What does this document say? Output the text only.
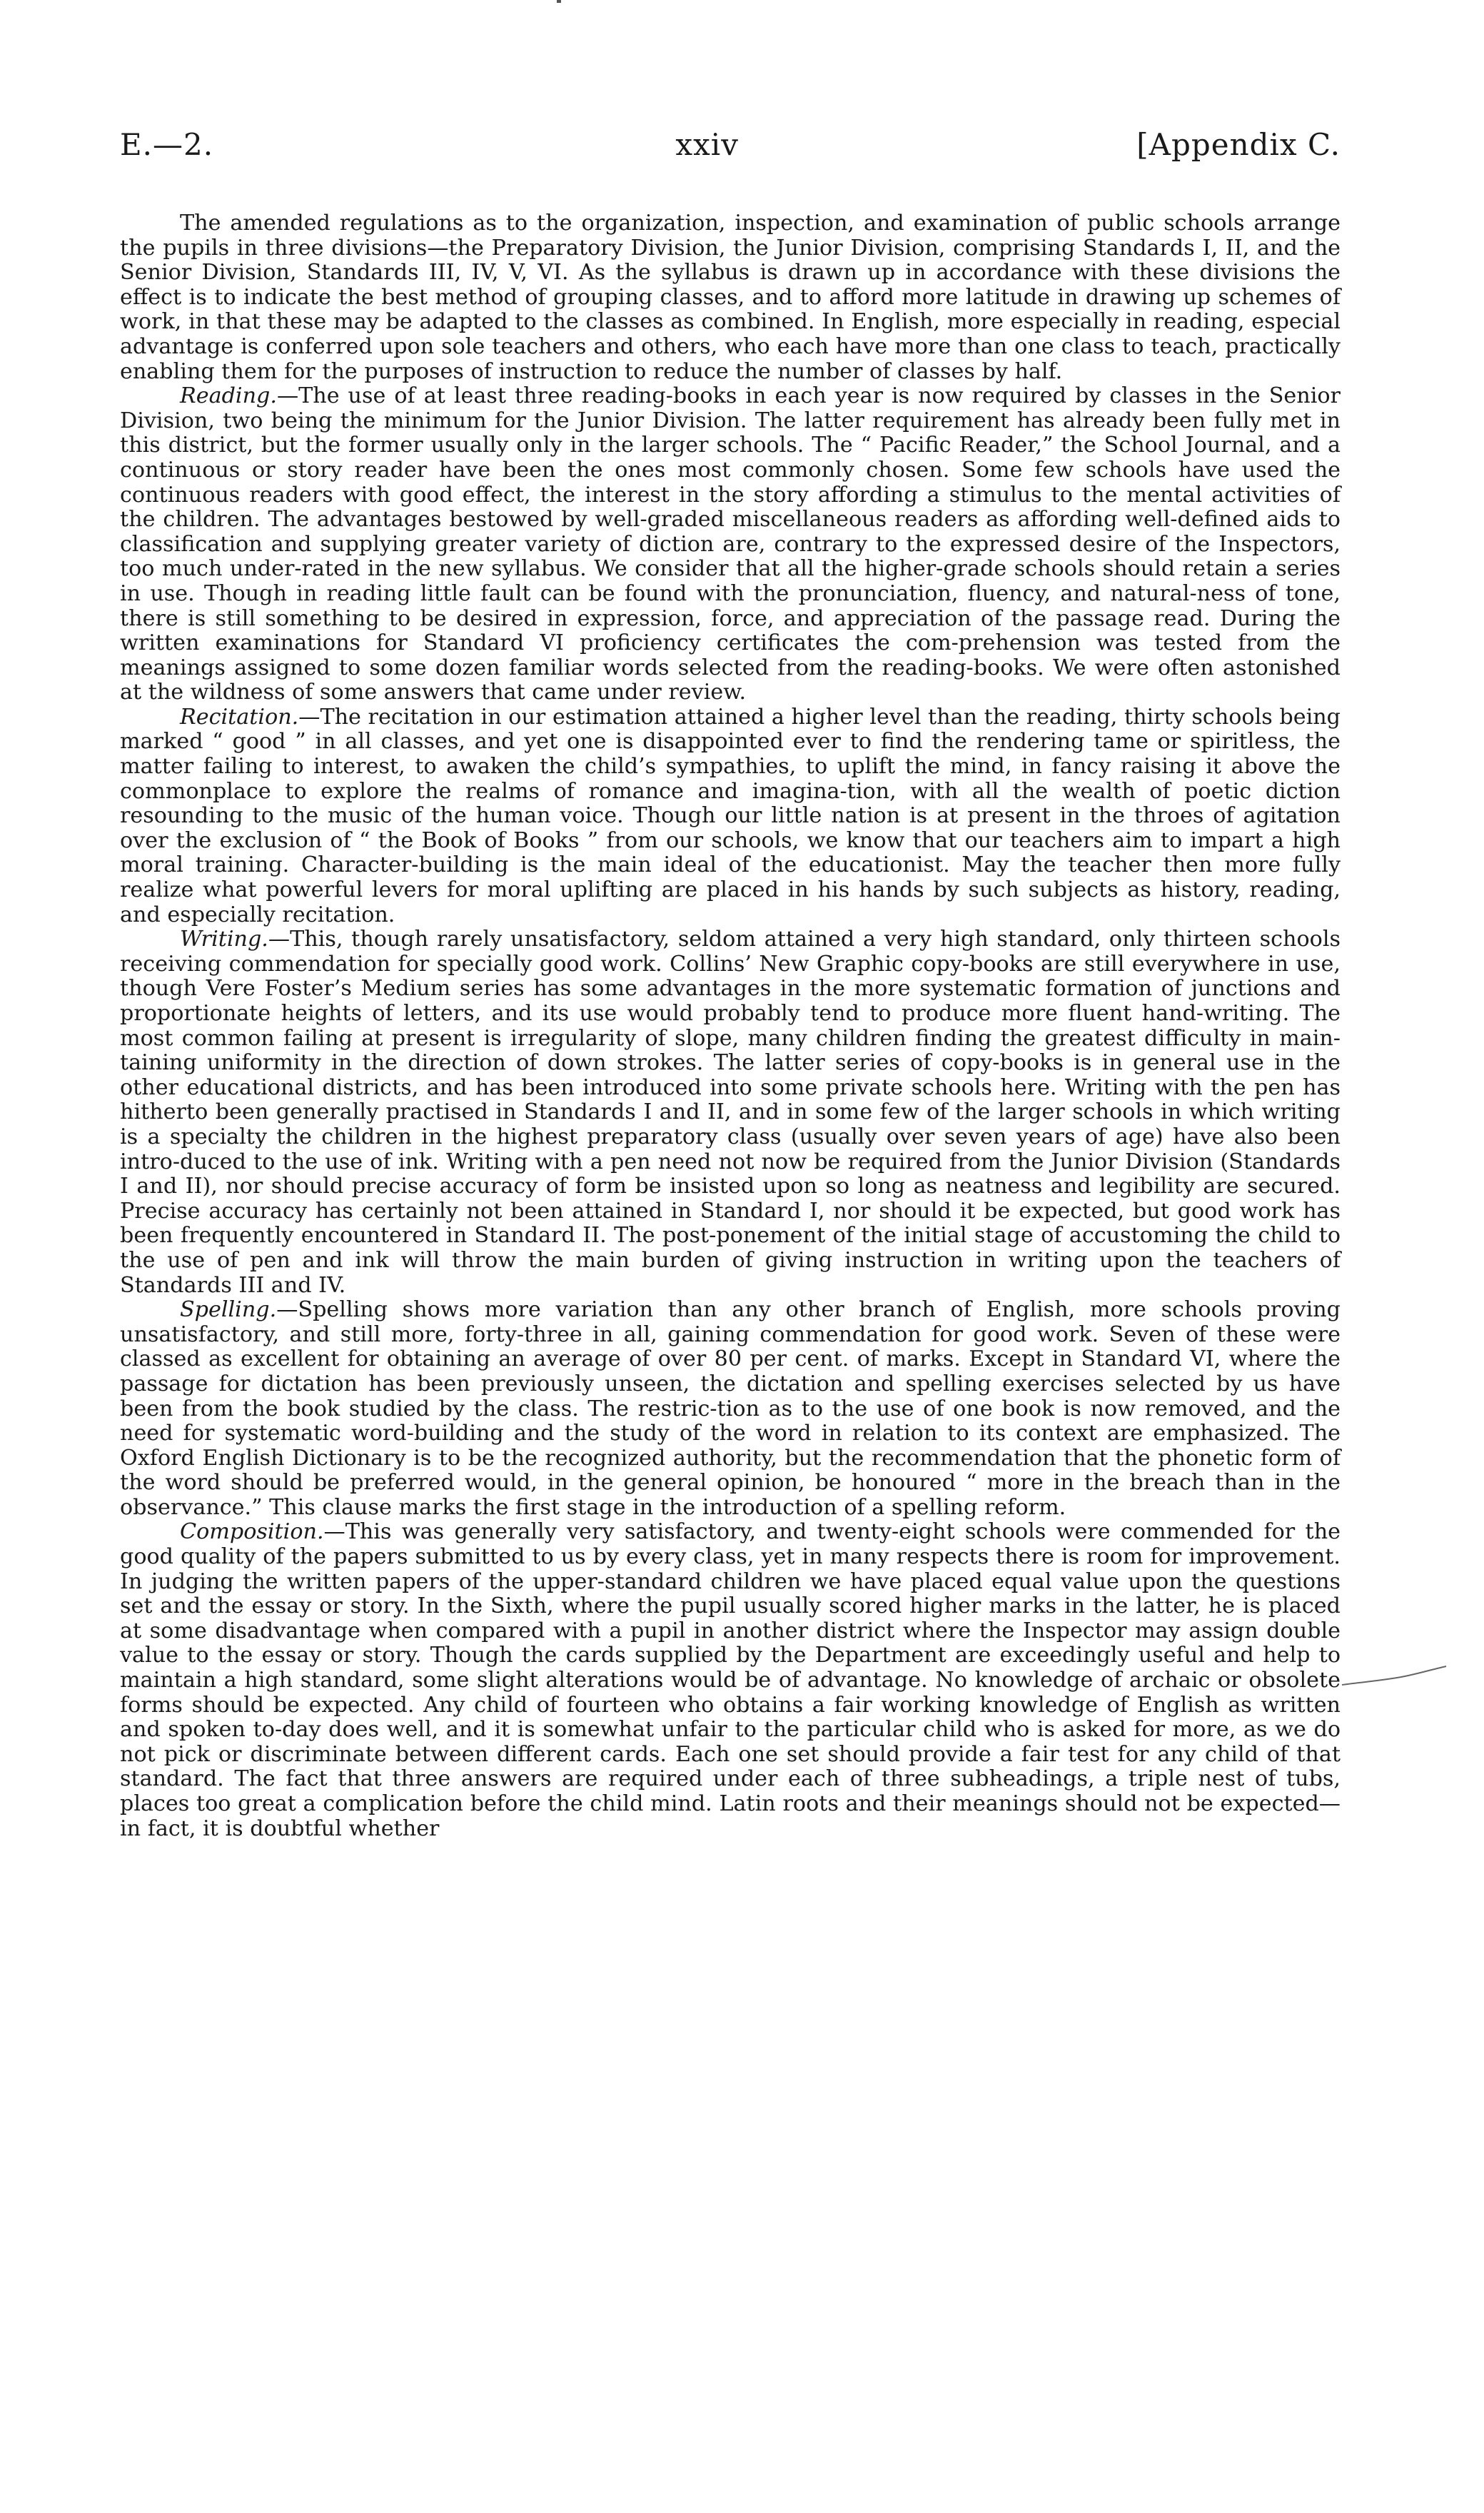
E.—2.	xxiv	[Appendix C.

The amended regulations as to the organization, inspection, and examination of public schools arrange the pupils in three divisions—the Preparatory Division, the Junior Division, comprising Standards I, II, and the Senior Division, Standards III, IV, V, VI. As the syllabus is drawn up in accordance with these divisions the effect is to indicate the best method of grouping classes, and to afford more latitude in drawing up schemes of work, in that these may be adapted to the classes as combined. In English, more especially in reading, especial advantage is conferred upon sole teachers and others, who each have more than one class to teach, practically enabling them for the purposes of instruction to reduce the number of classes by half.

Reading.—The use of at least three reading-books in each year is now required by classes in the Senior Division, two being the minimum for the Junior Division. The latter requirement has already been fully met in this district, but the former usually only in the larger schools. The “ Pacific Reader,” the School Journal, and a continuous or story reader have been the ones most commonly chosen. Some few schools have used the continuous readers with good effect, the interest in the story affording a stimulus to the mental activities of the children. The advantages bestowed by well-graded miscellaneous readers as affording well-defined aids to classification and supplying greater variety of diction are, contrary to the expressed desire of the Inspectors, too much under-rated in the new syllabus. We consider that all the higher-grade schools should retain a series in use. Though in reading little fault can be found with the pronunciation, fluency, and natural-ness of tone, there is still something to be desired in expression, force, and appreciation of the passage read. During the written examinations for Standard VI proficiency certificates the com-prehension was tested from the meanings assigned to some dozen familiar words selected from the reading-books. We were often astonished at the wildness of some answers that came under review.

Recitation.—The recitation in our estimation attained a higher level than the reading, thirty schools being marked “ good ” in all classes, and yet one is disappointed ever to find the rendering tame or spiritless, the matter failing to interest, to awaken the child’s sympathies, to uplift the mind, in fancy raising it above the commonplace to explore the realms of romance and imagina-tion, with all the wealth of poetic diction resounding to the music of the human voice. Though our little nation is at present in the throes of agitation over the exclusion of “ the Book of Books ” from our schools, we know that our teachers aim to impart a high moral training. Character-building is the main ideal of the educationist. May the teacher then more fully realize what powerful levers for moral uplifting are placed in his hands by such subjects as history, reading, and especially recitation.

Writing.—This, though rarely unsatisfactory, seldom attained a very high standard, only thirteen schools receiving commendation for specially good work. Collins’ New Graphic copy-books are still everywhere in use, though Vere Foster’s Medium series has some advantages in the more systematic formation of junctions and proportionate heights of letters, and its use would probably tend to produce more fluent hand-writing. The most common failing at present is irregularity of slope, many children finding the greatest difficulty in main-taining uniformity in the direction of down strokes. The latter series of copy-books is in general use in the other educational districts, and has been introduced into some private schools here. Writing with the pen has hitherto been generally practised in Standards I and II, and in some few of the larger schools in which writing is a specialty the children in the highest preparatory class (usually over seven years of age) have also been intro-duced to the use of ink. Writing with a pen need not now be required from the Junior Division (Standards I and II), nor should precise accuracy of form be insisted upon so long as neatness and legibility are secured. Precise accuracy has certainly not been attained in Standard I, nor should it be expected, but good work has been frequently encountered in Standard II. The post-ponement of the initial stage of accustoming the child to the use of pen and ink will throw the main burden of giving instruction in writing upon the teachers of Standards III and IV.

Spelling.—Spelling shows more variation than any other branch of English, more schools proving unsatisfactory, and still more, forty-three in all, gaining commendation for good work. Seven of these were classed as excellent for obtaining an average of over 80 per cent. of marks. Except in Standard VI, where the passage for dictation has been previously unseen, the dictation and spelling exercises selected by us have been from the book studied by the class. The restric-tion as to the use of one book is now removed, and the need for systematic word-building and the study of the word in relation to its context are emphasized. The Oxford English Dictionary is to be the recognized authority, but the recommendation that the phonetic form of the word should be preferred would, in the general opinion, be honoured “ more in the breach than in the observance.” This clause marks the first stage in the introduction of a spelling reform.

Composition.—This was generally very satisfactory, and twenty-eight schools were commended for the good quality of the papers submitted to us by every class, yet in many respects there is room for improvement. In judging the written papers of the upper-standard children we have placed equal value upon the questions set and the essay or story. In the Sixth, where the pupil usually scored higher marks in the latter, he is placed at some disadvantage when compared with a pupil in another district where the Inspector may assign double value to the essay or story. Though the cards supplied by the Department are exceedingly useful and help to maintain a high standard, some slight alterations would be of advantage. No knowledge of archaic or obsolete forms should be expected. Any child of fourteen who obtains a fair working knowledge of English as written and spoken to-day does well, and it is somewhat unfair to the particular child who is asked for more, as we do not pick or discriminate between different cards. Each one set should provide a fair test for any child of that standard. The fact that three answers are required under each of three subheadings, a triple nest of tubs, places too great a complication before the child mind. Latin roots and their meanings should not be expected—in fact, it is doubtful whether
